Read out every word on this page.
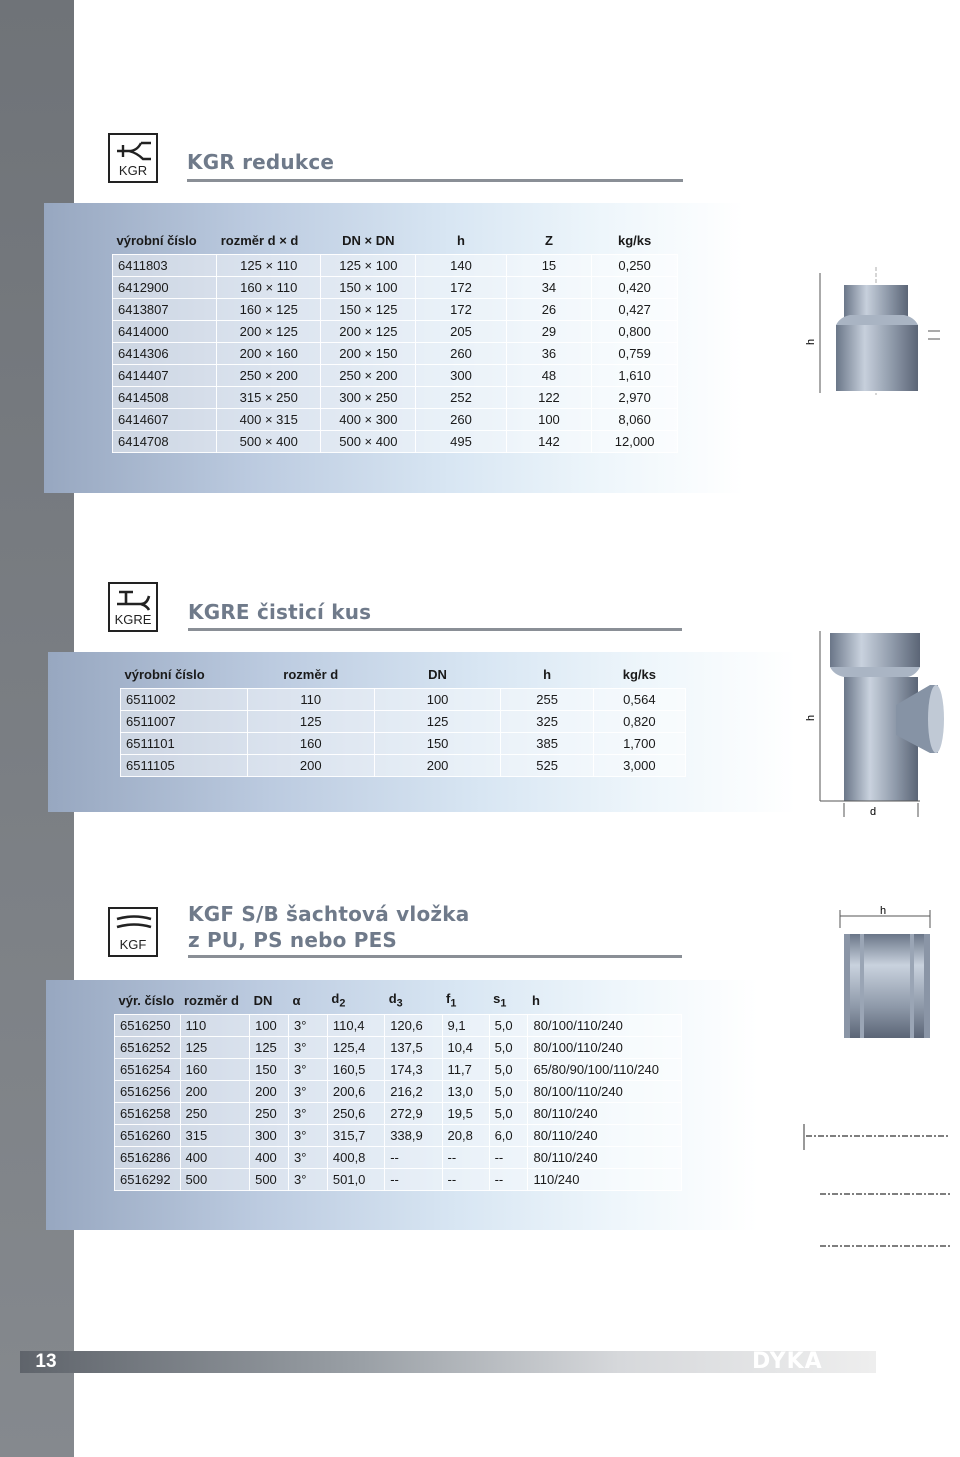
KGR	KGR redukce
výrobní číslo	rozměr d × d	DN × DN	h	Z	kg/ks
6411803	125 × 110	125 × 100	140	15	0,250
6412900	160 × 110	150 × 100	172	34	0,420
6413807	160 × 125	150 × 125	172	26	0,427
6414000	200 × 125	200 × 125	205	29	0,800
6414306	200 × 160	200 × 150	260	36	0,759
6414407	250 × 200	250 × 200	300	48	1,610
6414508	315 × 250	300 × 250	252	122	2,970
6414607	400 × 315	400 × 300	260	100	8,060
6414708	500 × 400	500 × 400	495	142	12,000
h
KGRE KGRE čisticí kus
výrobní číslo	rozměr d	DN	h	kg/ks
6511002	110	100	255	0,564
6511007	125	125	325	0,820
6511101	160	150	385	1,700
6511105	200	200	525	3,000
h
d
KGF
KGF S/B šachtová vložka
z PU, PS nebo PES
výr. číslo	rozměr d	DN	α	$d_2$	$d_3$	$f_1$	$s_1$	h
6516250	110	100	3°	110,4	120,6	9,1	5,0	80/100/110/240
6516252	125	125	3°	125,4	137,5	10,4	5,0	80/100/110/240
6516254	160	150	3°	160,5	174,3	11,7	5,0	65/80/90/100/110/240
6516256	200	200	3°	200,6	216,2	13,0	5,0	80/100/110/240
6516258	250	250	3°	250,6	272,9	19,5	5,0	80/110/240
6516260	315	300	3°	315,7	338,9	20,8	6,0	80/110/240
6516286	400	400	3°	400,8	--	--	--	80/110/240
6516292	500	500	3°	501,0	--	--	--	110/240
h
13	DYKA
